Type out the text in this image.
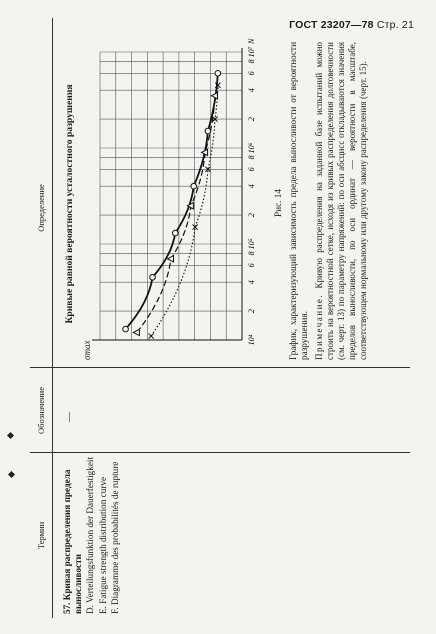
ГОСТ 23207—78 Стр. 21
Термин
Обозначение
Определение

57. Кривая распределения предела выносливости D. Verteilungsfunktion der Dauerfestigkeit E. Fatigue strength distribution curve F. Diagramme des probabilités de rupture

—
Кривые равной вероятности усталостного разрушения
σmax
10⁴
2
4
6
8
10⁵
2
4
6
8
10⁶
2
4
6
8
10⁷
N
Рис. 14 График, характеризующий зависимость предела выносливости от вероятности разрушения. Примечание. Кривую распределения на заданной базе испытаний можно строить на вероятностной сетке, исходя из кривых распределения долговечности (см. черт. 13) по параметру напряжений: по оси абсцисс откладываются значения пределов выносливости, по оси ординат — вероятности в масштабе, соответствующем нормальному или другому закону распределения (черт. 15).
